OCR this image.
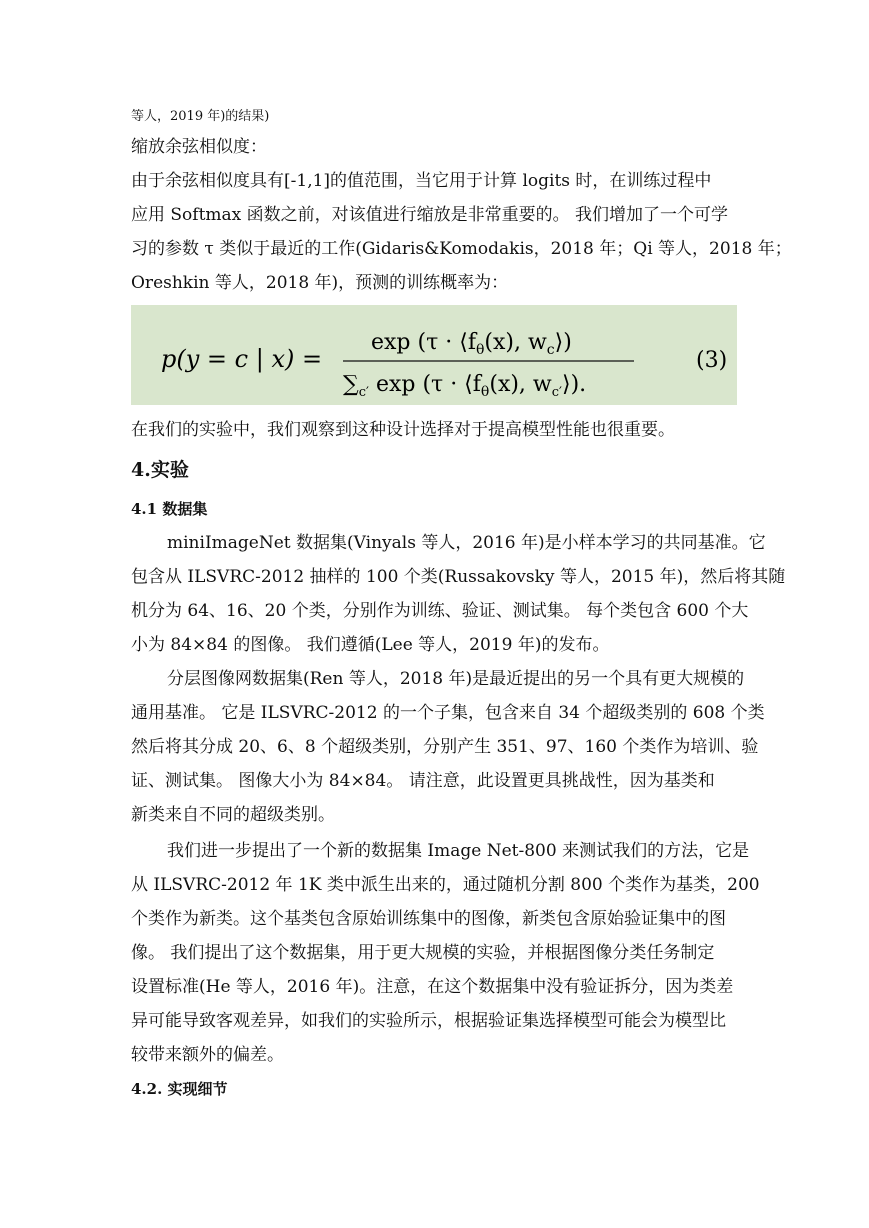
等人，2019 年)的结果)
缩放余弦相似度：
由于余弦相似度具有[-1,1]的值范围，当它用于计算 logits 时，在训练过程中
应用 Softmax 函数之前，对该值进行缩放是非常重要的。 我们增加了一个可学
习的参数 τ 类似于最近的工作(Gidaris&Komodakis，2018 年；Qi 等人，2018 年；
Oreshkin 等人，2018 年)，预测的训练概率为：
p(y = c | x) =
$\exp (\tau \cdot ⟨f_\theta(x)$, $w_c⟩$)
$\sum_{c'}$ $\exp (\tau \cdot ⟨f_\theta(x)$, $w_{c'}⟩$).
(3)
在我们的实验中，我们观察到这种设计选择对于提高模型性能也很重要。
4.实验
4.1 数据集
miniImageNet 数据集(Vinyals 等人，2016 年)是小样本学习的共同基准。它
包含从 ILSVRC-2012 抽样的 100 个类(Russakovsky 等人，2015 年)，然后将其随
机分为 64、16、20 个类，分别作为训练、验证、测试集。 每个类包含 600 个大
小为 84×84 的图像。 我们遵循(Lee 等人，2019 年)的发布。
分层图像网数据集(Ren 等人，2018 年)是最近提出的另一个具有更大规模的
通用基准。 它是 ILSVRC-2012 的一个子集，包含来自 34 个超级类别的 608 个类
然后将其分成 20、6、8 个超级类别，分别产生 351、97、160 个类作为培训、验
证、测试集。 图像大小为 84×84。 请注意，此设置更具挑战性，因为基类和
新类来自不同的超级类别。
我们进一步提出了一个新的数据集 Image Net-800 来测试我们的方法，它是
从 ILSVRC-2012 年 1K 类中派生出来的，通过随机分割 800 个类作为基类，200
个类作为新类。这个基类包含原始训练集中的图像，新类包含原始验证集中的图
像。 我们提出了这个数据集，用于更大规模的实验，并根据图像分类任务制定
设置标准(He 等人，2016 年)。注意，在这个数据集中没有验证拆分，因为类差
异可能导致客观差异，如我们的实验所示，根据验证集选择模型可能会为模型比
较带来额外的偏差。
4.2. 实现细节
